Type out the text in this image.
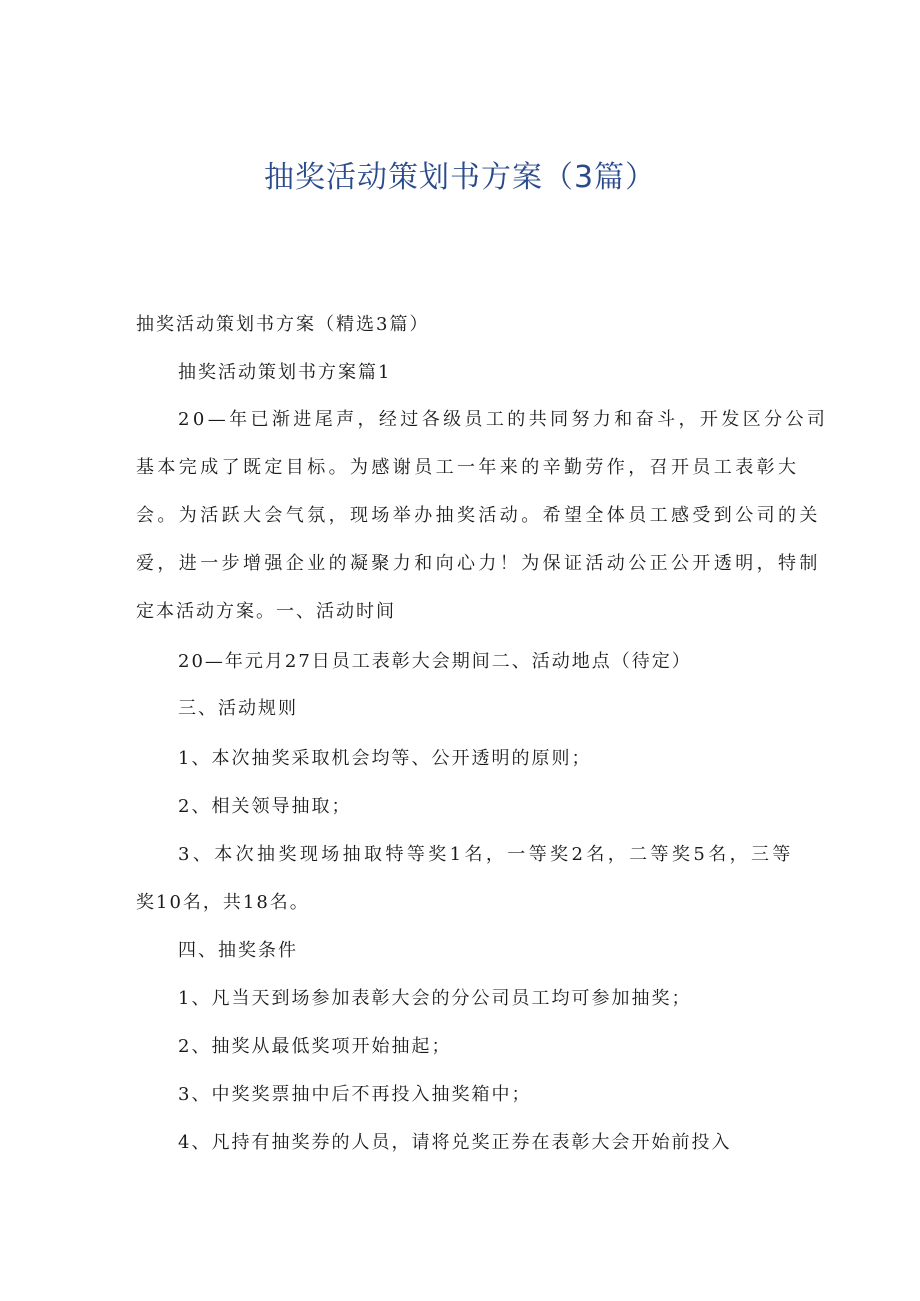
抽奖活动策划书方案（3篇）

抽奖活动策划书方案（精选3篇）

抽奖活动策划书方案篇1

20—年已渐进尾声，经过各级员工的共同努力和奋斗，开发区分公司

基本完成了既定目标。为感谢员工一年来的辛勤劳作，召开员工表彰大

会。为活跃大会气氛，现场举办抽奖活动。希望全体员工感受到公司的关

爱，进一步增强企业的凝聚力和向心力！为保证活动公正公开透明，特制

定本活动方案。一、活动时间

20—年元月27日员工表彰大会期间二、活动地点（待定）

三、活动规则

1、本次抽奖采取机会均等、公开透明的原则；

2、相关领导抽取；

3、本次抽奖现场抽取特等奖1名，一等奖2名，二等奖5名，三等

奖10名，共18名。

四、抽奖条件

1、凡当天到场参加表彰大会的分公司员工均可参加抽奖；

2、抽奖从最低奖项开始抽起；

3、中奖奖票抽中后不再投入抽奖箱中；

4、凡持有抽奖券的人员，请将兑奖正券在表彰大会开始前投入
